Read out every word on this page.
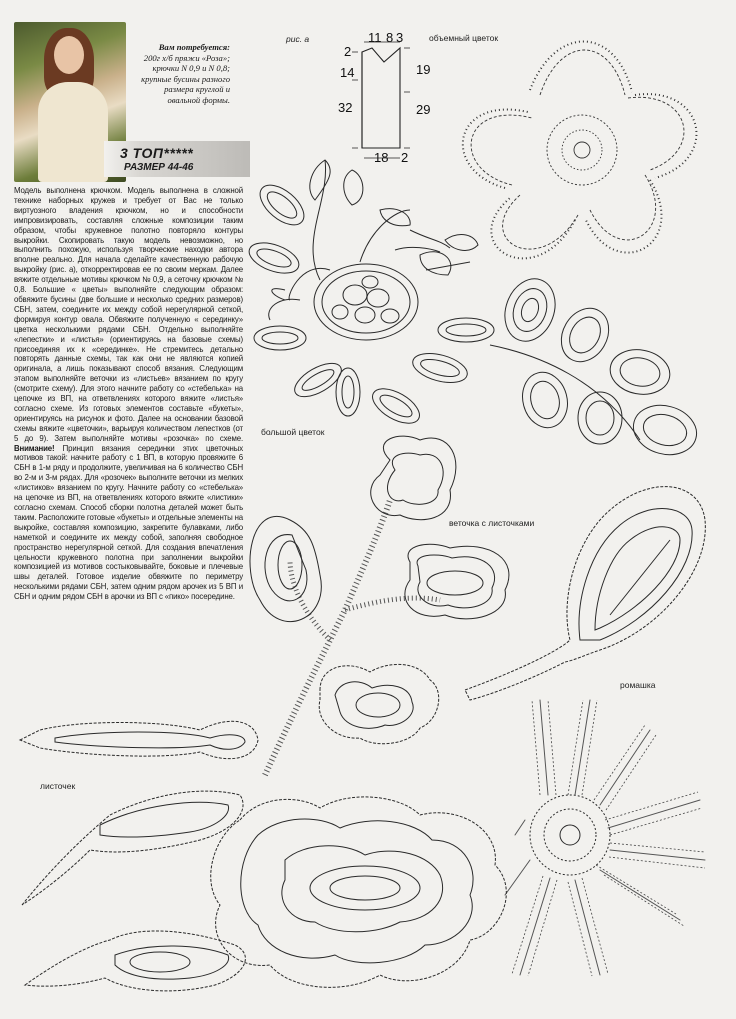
Вам потребуется:
200г х/б пряжи «Роза»;
крючки N 0,9 и N 0,8;
крупные бусины разного
размера круглой и
овальной формы.
3 ТОП*****
РАЗМЕР 44-46

Модель выполнена крючком. Модель выполнена в сложной технике наборных кружев и требует от Вас не только виртуозного владения крючком, но и способности импровизировать, составляя сложные композиции таким образом, чтобы кружевное полотно повторяло контуры выкройки. Скопировать такую модель невозможно, но выполнить похожую, используя творческие находки автора вполне реально. Для начала сделайте качественную рабочую выкройку (рис. а), откорректировав ее по своим меркам. Далее вяжите отдельные мотивы крючком № 0,9, а сеточку крючком № 0,8. Большие « цветы» выполняйте следующим образом: обвяжите бусины (две большие и несколько средних размеров) СБН, затем, соедините их между собой нерегулярной сеткой, формируя контур овала. Обвяжите полученную « серединку» цветка несколькими рядами СБН. Отдельно выполняйте «лепестки» и «листья» (ориентируясь на базовые схемы) присоединяя их к «серединке». Не стремитесь детально повторять данные схемы, так как они не являются копией оригинала, а лишь показывают способ вязания. Следующим этапом выполняйте веточки из «листьев» вязанием по кругу (смотрите схему). Для этого начните работу со «стебелька» на цепочке из ВП, на ответвлениях которого вяжите «листья» согласно схеме. Из готовых элементов составьте «букеты», ориентируясь на рисунок и фото. Далее на основании базовой схемы вяжите «цветочки», варьируя количеством лепестков (от 5 до 9). Затем выполняйте мотивы «розочка» по схеме. Внимание! Принцип вязания серединки этих цветочных мотивов такой: начните работу с 1 ВП, в которую провяжите 6 СБН в 1-м ряду и продолжите, увеличивая на 6 количество СБН во 2-м и 3-м рядах. Для «розочек» выполните веточки из мелких «листиков» вязанием по кругу. Начните работу со «стебелька» на цепочке из ВП, на ответвлениях которого вяжите «листики» согласно схемам. Способ сборки полотна деталей может быть таким. Расположите готовые «букеты» и отдельные элементы на выкройке, составляя композицию, закрепите булавками, либо наметкой и соедините их между собой, заполняя свободное пространство нерегулярной сеткой. Для создания впечатления цельности кружевного полотна при заполнении выкройки композицией из мотивов состыковывайте, боковые и плечевые швы деталей. Готовое изделие обвяжите по периметру несколькими рядами СБН, затем одним рядом арочек из 5 ВП и СБН и одним рядом СБН в арочки из ВП с «пико» посередине.

рис. а	11 8 3
2
14
32
19
29
18 2
объемный цветок
большой цветок
веточка с листочками
ромашка
листочек
